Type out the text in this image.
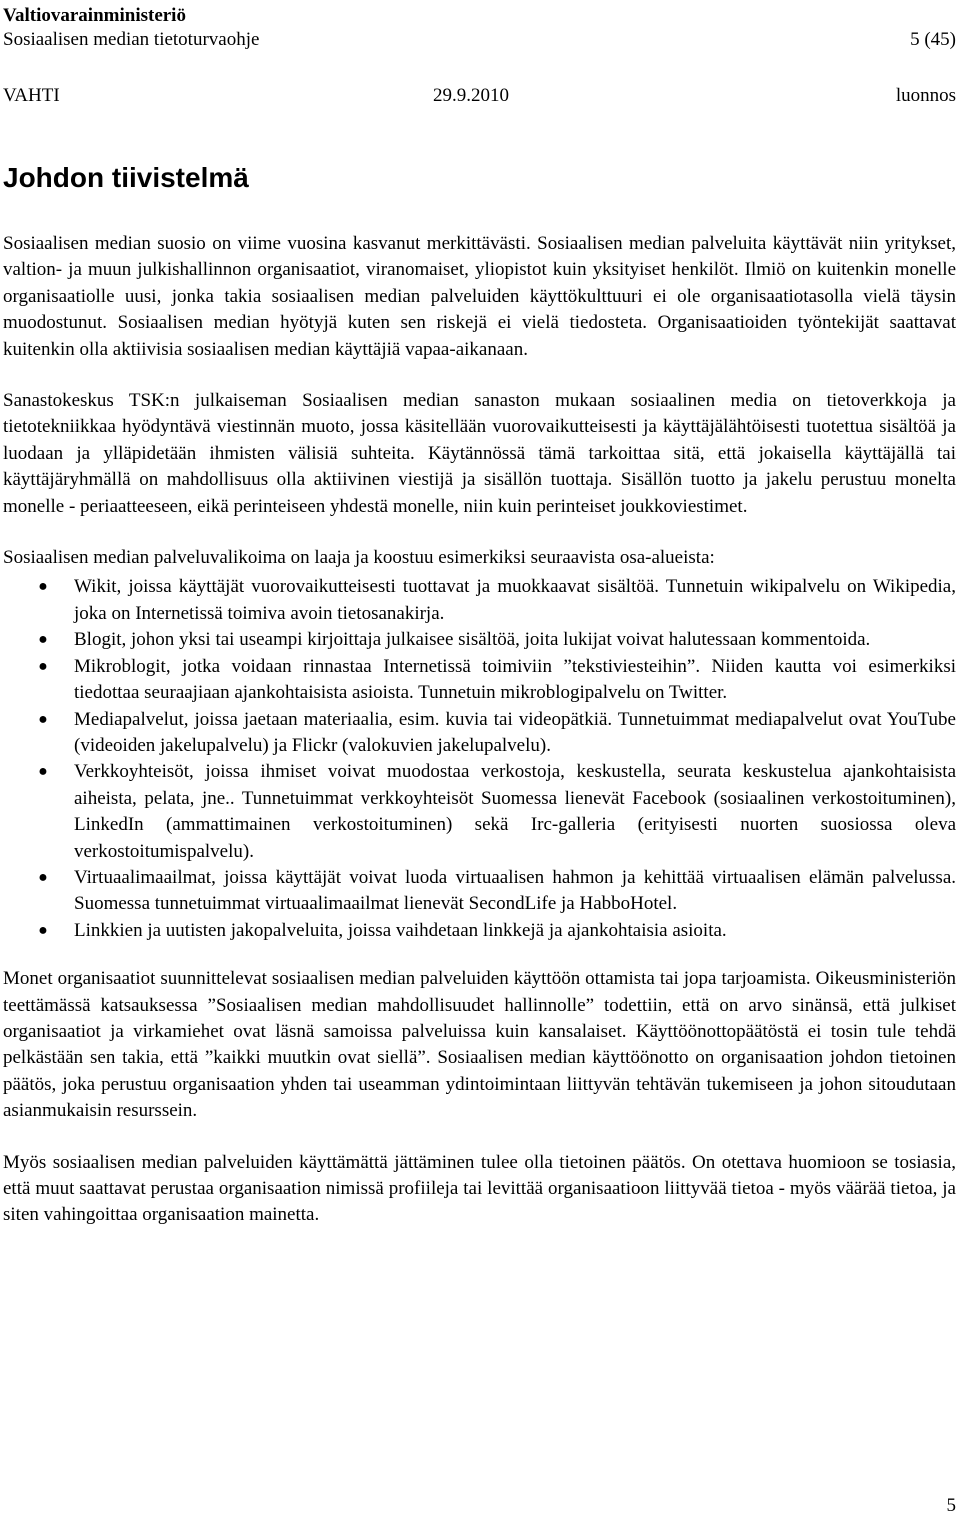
Valtiovarainministeriö
Sosiaalisen median tietoturvaohje	5 (45)
VAHTI	29.9.2010	luonnos
Johdon tiivistelmä

Sosiaalisen median suosio on viime vuosina kasvanut merkittävästi. Sosiaalisen median palveluita käyttävät niin yritykset, valtion- ja muun julkishallinnon organisaatiot, viranomaiset, yliopistot kuin yksityiset henkilöt. Ilmiö on kuitenkin monelle organisaatiolle uusi, jonka takia sosiaalisen median palveluiden käyttökulttuuri ei ole organisaatiotasolla vielä täysin muodostunut. Sosiaalisen median hyötyjä kuten sen riskejä ei vielä tiedosteta. Organisaatioiden työntekijät saattavat kuitenkin olla aktiivisia sosiaalisen median käyttäjiä vapaa-aikanaan.

Sanastokeskus TSK:n julkaiseman Sosiaalisen median sanaston mukaan sosiaalinen media on tietoverkkoja ja tietotekniikkaa hyödyntävä viestinnän muoto, jossa käsitellään vuorovaikutteisesti ja käyttäjälähtöisesti tuotettua sisältöä ja luodaan ja ylläpidetään ihmisten välisiä suhteita. Käytännössä tämä tarkoittaa sitä, että jokaisella käyttäjällä tai käyttäjäryhmällä on mahdollisuus olla aktiivinen viestijä ja sisällön tuottaja. Sisällön tuotto ja jakelu perustuu monelta monelle - periaatteeseen, eikä perinteiseen yhdestä monelle, niin kuin perinteiset joukkoviestimet.

Sosiaalisen median palveluvalikoima on laaja ja koostuu esimerkiksi seuraavista osa-alueista:

● Wikit, joissa käyttäjät vuorovaikutteisesti tuottavat ja muokkaavat sisältöä. Tunnetuin wikipalvelu on Wikipedia, joka on Internetissä toimiva avoin tietosanakirja.
● Blogit, johon yksi tai useampi kirjoittaja julkaisee sisältöä, joita lukijat voivat halutessaan kommentoida.
● Mikroblogit, jotka voidaan rinnastaa Internetissä toimiviin ”tekstiviesteihin”. Niiden kautta voi esimerkiksi tiedottaa seuraajiaan ajankohtaisista asioista. Tunnetuin mikroblogipalvelu on Twitter.
● Mediapalvelut, joissa jaetaan materiaalia, esim. kuvia tai videopätkiä. Tunnetuimmat mediapalvelut ovat YouTube (videoiden jakelupalvelu) ja Flickr (valokuvien jakelupalvelu).
● Verkkoyhteisöt, joissa ihmiset voivat muodostaa verkostoja, keskustella, seurata keskustelua ajankohtaisista aiheista, pelata, jne.. Tunnetuimmat verkkoyhteisöt Suomessa lienevät Facebook (sosiaalinen verkostoituminen), LinkedIn (ammattimainen verkostoituminen) sekä Irc-galleria (erityisesti nuorten suosiossa oleva verkostoitumispalvelu).
● Virtuaalimaailmat, joissa käyttäjät voivat luoda virtuaalisen hahmon ja kehittää virtuaalisen elämän palvelussa. Suomessa tunnetuimmat virtuaalimaailmat lienevät SecondLife ja HabboHotel.
● Linkkien ja uutisten jakopalveluita, joissa vaihdetaan linkkejä ja ajankohtaisia asioita.

Monet organisaatiot suunnittelevat sosiaalisen median palveluiden käyttöön ottamista tai jopa tarjoamista. Oikeusministeriön teettämässä katsauksessa ”Sosiaalisen median mahdollisuudet hallinnolle” todettiin, että on arvo sinänsä, että julkiset organisaatiot ja virkamiehet ovat läsnä samoissa palveluissa kuin kansalaiset. Käyttöönottopäätöstä ei tosin tule tehdä pelkästään sen takia, että ”kaikki muutkin ovat siellä”. Sosiaalisen median käyttöönotto on organisaation johdon tietoinen päätös, joka perustuu organisaation yhden tai useamman ydintoimintaan liittyvän tehtävän tukemiseen ja johon sitoudutaan asianmukaisin resurssein.

Myös sosiaalisen median palveluiden käyttämättä jättäminen tulee olla tietoinen päätös. On otettava huomioon se tosiasia, että muut saattavat perustaa organisaation nimissä profiileja tai levittää organisaatioon liittyvää tietoa - myös väärää tietoa, ja siten vahingoittaa organisaation mainetta.

5
